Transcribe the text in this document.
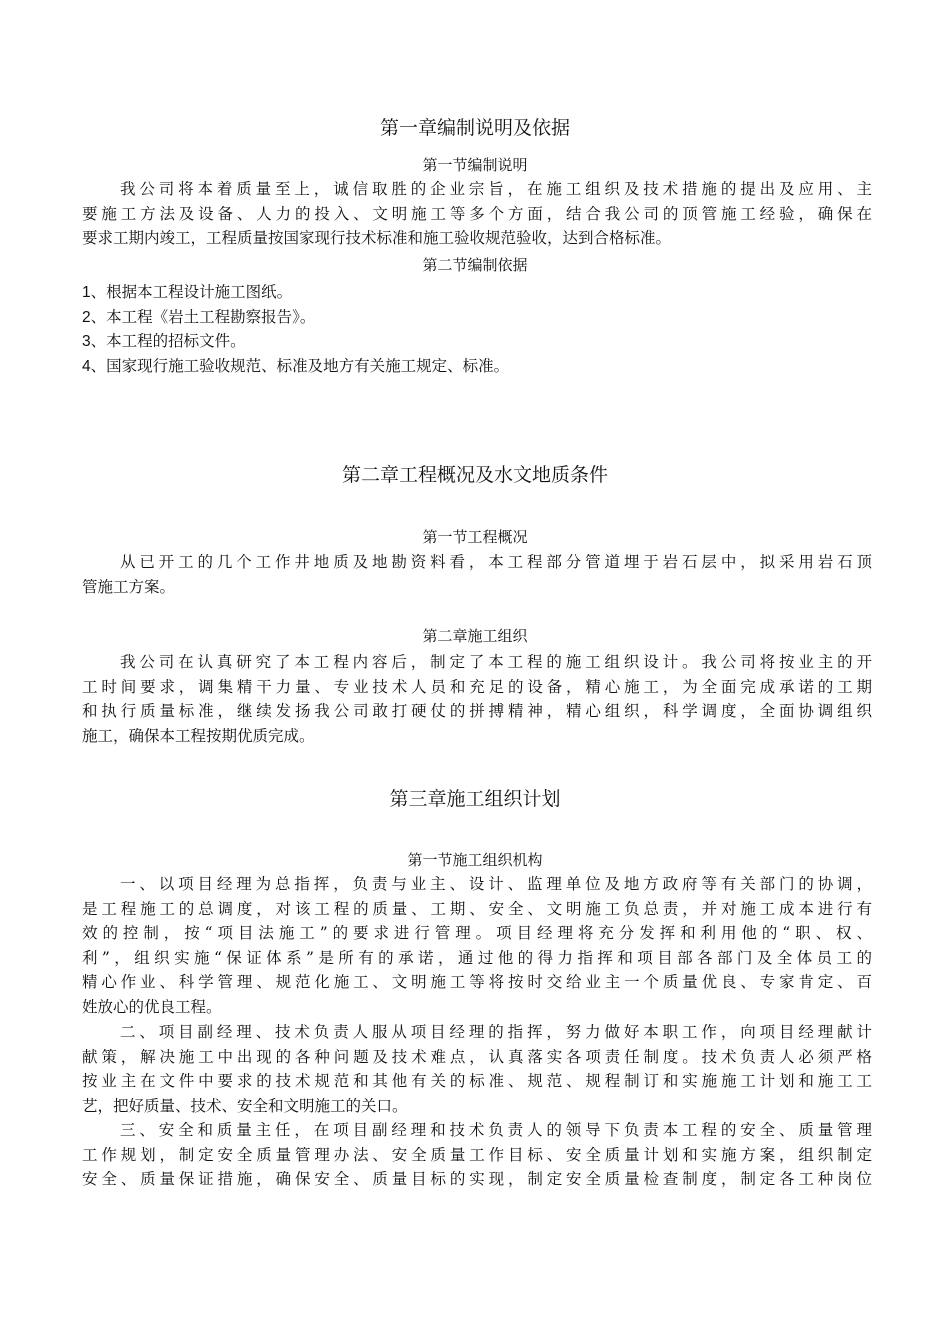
第一章编制说明及依据
第一节编制说明
我公司将本着质量至上，诚信取胜的企业宗旨，在施工组织及技术措施的提出及应用、主
要施工方法及设备、人力的投入、文明施工等多个方面，结合我公司的顶管施工经验，确保在
要求工期内竣工，工程质量按国家现行技术标准和施工验收规范验收，达到合格标准。
第二节编制依据
1、根据本工程设计施工图纸。
2、本工程《岩土工程勘察报告》。
3、本工程的招标文件。
4、国家现行施工验收规范、标准及地方有关施工规定、标准。
第二章工程概况及水文地质条件
第一节工程概况
从已开工的几个工作井地质及地勘资料看，本工程部分管道埋于岩石层中，拟采用岩石顶
管施工方案。
第二章施工组织
我公司在认真研究了本工程内容后，制定了本工程的施工组织设计。我公司将按业主的开
工时间要求，调集精干力量、专业技术人员和充足的设备，精心施工，为全面完成承诺的工期
和执行质量标准，继续发扬我公司敢打硬仗的拼搏精神，精心组织，科学调度，全面协调组织
施工，确保本工程按期优质完成。
第三章施工组织计划
第一节施工组织机构
一、以项目经理为总指挥，负责与业主、设计、监理单位及地方政府等有关部门的协调，
是工程施工的总调度，对该工程的质量、工期、安全、文明施工负总责，并对施工成本进行有
效的控制，按“项目法施工”的要求进行管理。项目经理将充分发挥和利用他的“职、权、
利”，组织实施“保证体系”是所有的承诺，通过他的得力指挥和项目部各部门及全体员工的
精心作业、科学管理、规范化施工、文明施工等将按时交给业主一个质量优良、专家肯定、百
姓放心的优良工程。
二、项目副经理、技术负责人服从项目经理的指挥，努力做好本职工作，向项目经理献计
献策，解决施工中出现的各种问题及技术难点，认真落实各项责任制度。技术负责人必须严格
按业主在文件中要求的技术规范和其他有关的标准、规范、规程制订和实施施工计划和施工工
艺，把好质量、技术、安全和文明施工的关口。
三、安全和质量主任，在项目副经理和技术负责人的领导下负责本工程的安全、质量管理
工作规划，制定安全质量管理办法、安全质量工作目标、安全质量计划和实施方案，组织制定
安全、质量保证措施，确保安全、质量目标的实现，制定安全质量检查制度，制定各工种岗位
